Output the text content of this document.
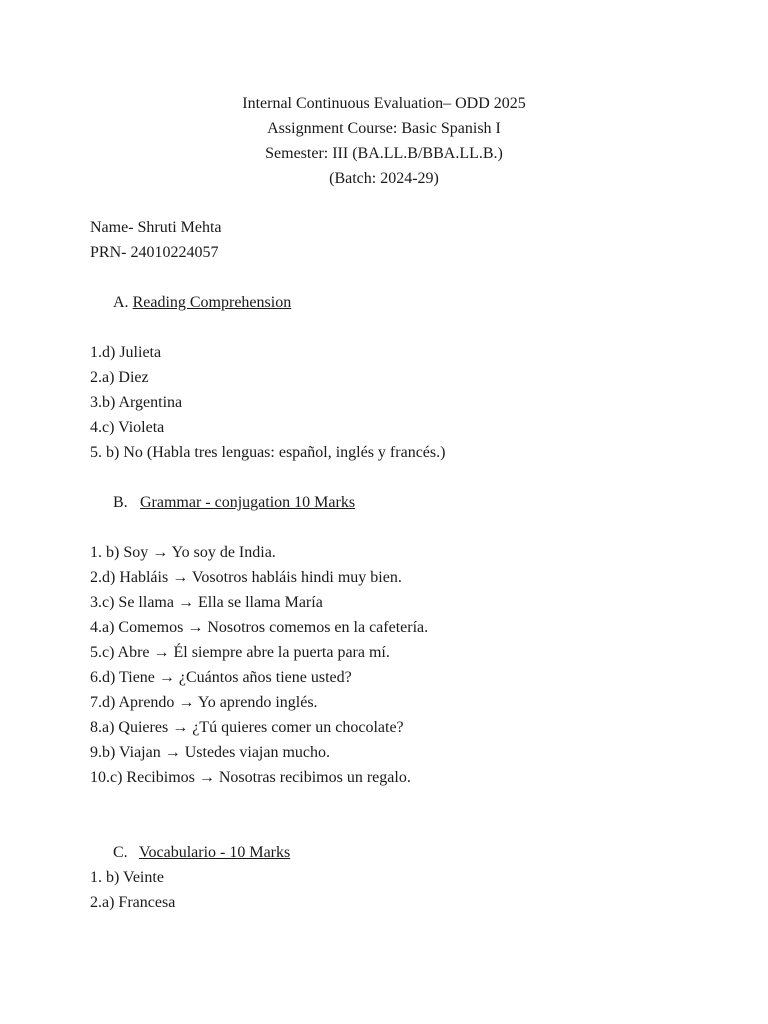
Internal Continuous Evaluation– ODD 2025
Assignment Course: Basic Spanish I
Semester: III (BA.LL.B/BBA.LL.B.)
(Batch: 2024-29)
Name- Shruti Mehta
PRN- 24010224057
A. Reading Comprehension
1.d) Julieta
2.a) Diez
3.b) Argentina
4.c) Violeta
5. b) No (Habla tres lenguas: español, inglés y francés.)
B. Grammar - conjugation 10 Marks
1. b) Soy → Yo soy de India.
2.d) Habláis → Vosotros habláis hindi muy bien.
3.c) Se llama → Ella se llama María
4.a) Comemos → Nosotros comemos en la cafetería.
5.c) Abre → Él siempre abre la puerta para mí.
6.d) Tiene → ¿Cuántos años tiene usted?
7.d) Aprendo → Yo aprendo inglés.
8.a) Quieres → ¿Tú quieres comer un chocolate?
9.b) Viajan → Ustedes viajan mucho.
10.c) Recibimos → Nosotras recibimos un regalo.
C. Vocabulario - 10 Marks
1. b) Veinte
2.a) Francesa
